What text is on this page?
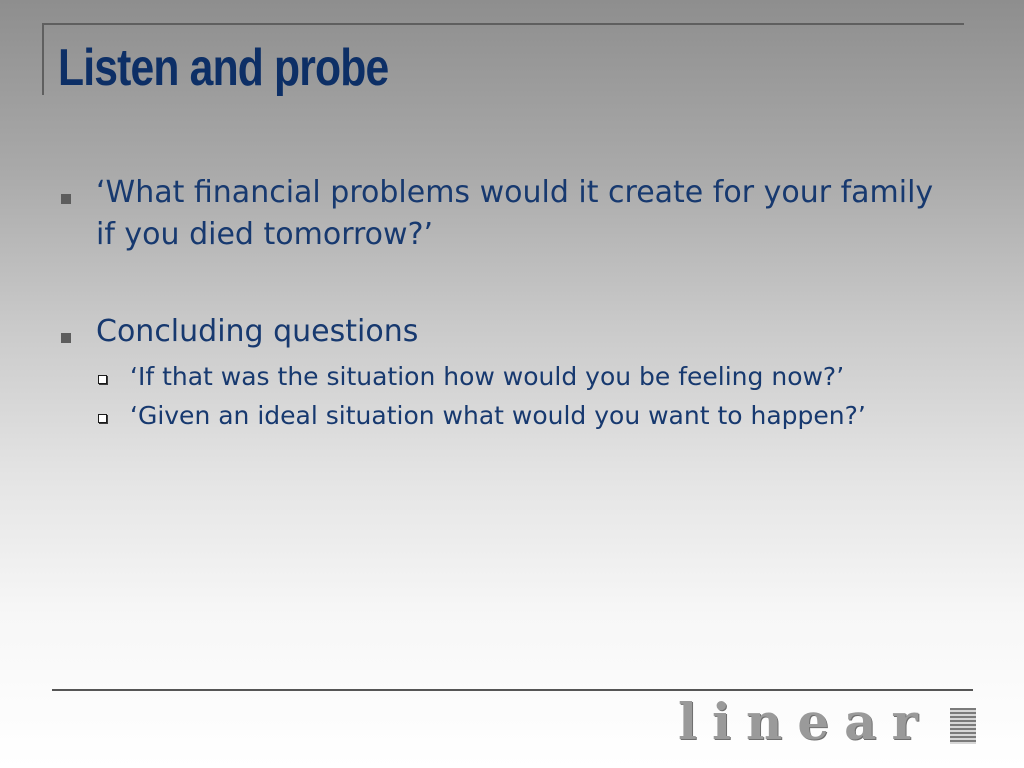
Listen and probe
‘What financial problems would it create for your family if you died tomorrow?’
Concluding questions
‘If that was the situation how would you be feeling now?’
‘Given an ideal situation what would you want to happen?’
linear
